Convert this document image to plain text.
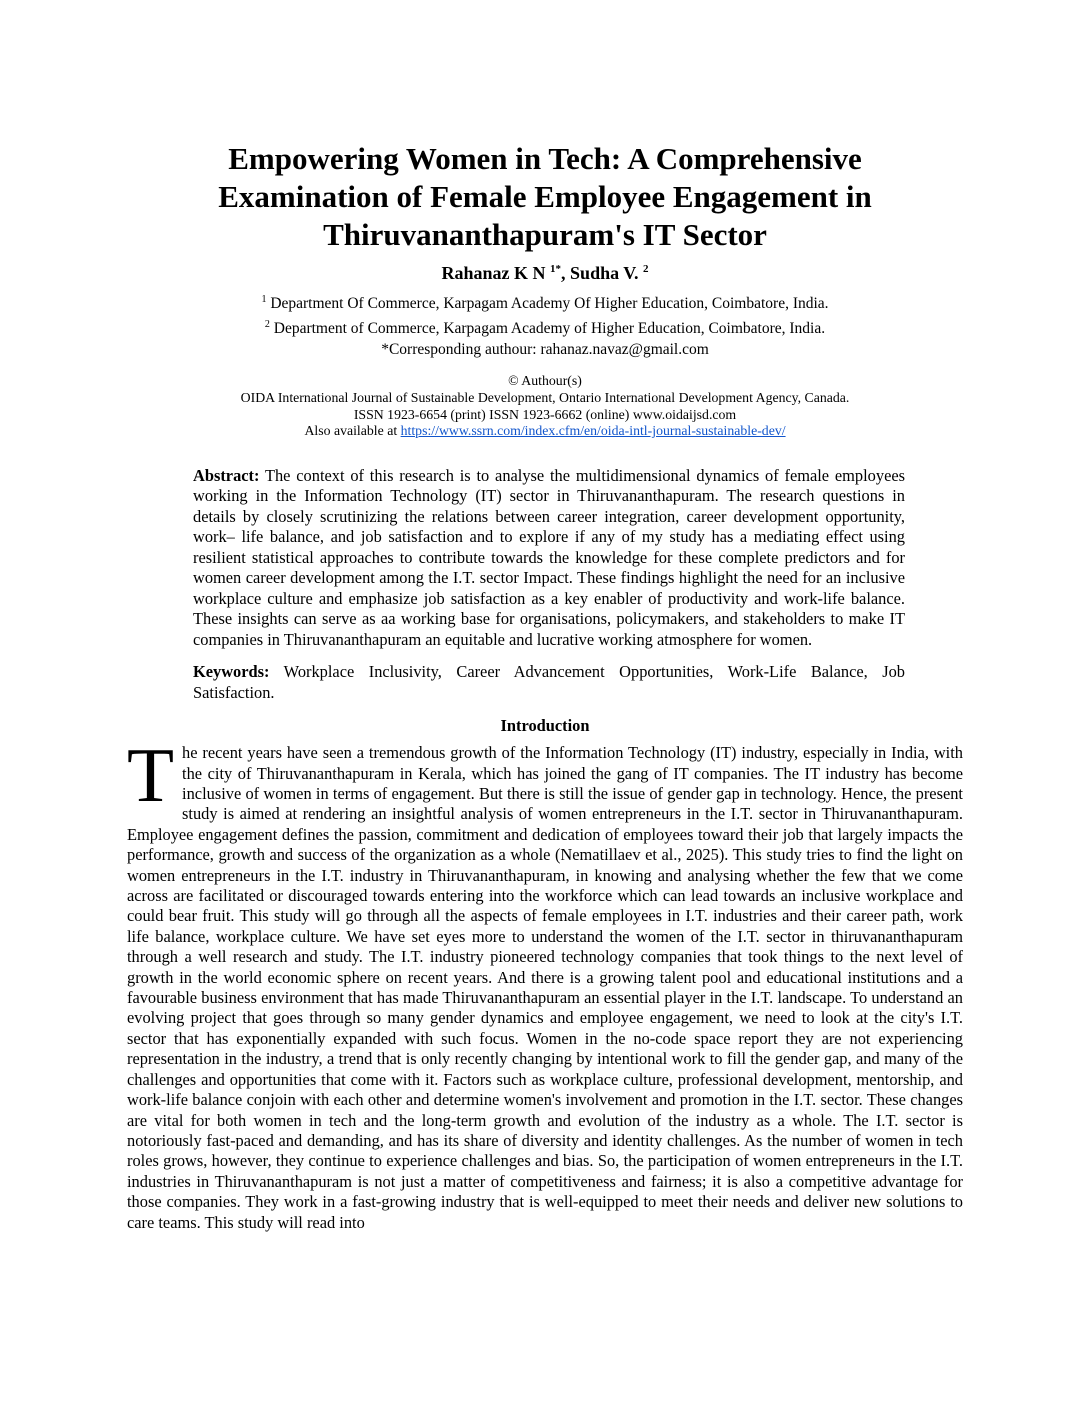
Empowering Women in Tech: A Comprehensive Examination of Female Employee Engagement in Thiruvananthapuram's IT Sector
Rahanaz K N $^{1*}$, Sudha V. $^2$
$^1$ Department Of Commerce, Karpagam Academy Of Higher Education, Coimbatore, India.
$^2$ Department of Commerce, Karpagam Academy of Higher Education, Coimbatore, India.
*Corresponding authour: rahanaz.navaz@gmail.com
© Authour(s)
OIDA International Journal of Sustainable Development, Ontario International Development Agency, Canada.
ISSN 1923-6654 (print) ISSN 1923-6662 (online) www.oidaijsd.com
Also available at https://www.ssrn.com/index.cfm/en/oida-intl-journal-sustainable-dev/

Abstract: The context of this research is to analyse the multidimensional dynamics of female employees working in the Information Technology (IT) sector in Thiruvananthapuram. The research questions in details by closely scrutinizing the relations between career integration, career development opportunity, work– life balance, and job satisfaction and to explore if any of my study has a mediating effect using resilient statistical approaches to contribute towards the knowledge for these complete predictors and for women career development among the I.T. sector Impact. These findings highlight the need for an inclusive workplace culture and emphasize job satisfaction as a key enabler of productivity and work-life balance. These insights can serve as aa working base for organisations, policymakers, and stakeholders to make IT companies in Thiruvananthapuram an equitable and lucrative working atmosphere for women.

Keywords: Workplace Inclusivity, Career Advancement Opportunities, Work-Life Balance, Job Satisfaction.

Introduction

The recent years have seen a tremendous growth of the Information Technology (IT) industry, especially in India, with the city of Thiruvananthapuram in Kerala, which has joined the gang of IT companies. The IT industry has become inclusive of women in terms of engagement. But there is still the issue of gender gap in technology. Hence, the present study is aimed at rendering an insightful analysis of women entrepreneurs in the I.T. sector in Thiruvananthapuram. Employee engagement defines the passion, commitment and dedication of employees toward their job that largely impacts the performance, growth and success of the organization as a whole (Nematillaev et al., 2025). This study tries to find the light on women entrepreneurs in the I.T. industry in Thiruvananthapuram, in knowing and analysing whether the few that we come across are facilitated or discouraged towards entering into the workforce which can lead towards an inclusive workplace and could bear fruit. This study will go through all the aspects of female employees in I.T. industries and their career path, work life balance, workplace culture. We have set eyes more to understand the women of the I.T. sector in thiruvananthapuram through a well research and study. The I.T. industry pioneered technology companies that took things to the next level of growth in the world economic sphere on recent years. And there is a growing talent pool and educational institutions and a favourable business environment that has made Thiruvananthapuram an essential player in the I.T. landscape. To understand an evolving project that goes through so many gender dynamics and employee engagement, we need to look at the city's I.T. sector that has exponentially expanded with such focus. Women in the no-code space report they are not experiencing representation in the industry, a trend that is only recently changing by intentional work to fill the gender gap, and many of the challenges and opportunities that come with it. Factors such as workplace culture, professional development, mentorship, and work-life balance conjoin with each other and determine women's involvement and promotion in the I.T. sector. These changes are vital for both women in tech and the long-term growth and evolution of the industry as a whole. The I.T. sector is notoriously fast-paced and demanding, and has its share of diversity and identity challenges. As the number of women in tech roles grows, however, they continue to experience challenges and bias. So, the participation of women entrepreneurs in the I.T. industries in Thiruvananthapuram is not just a matter of competitiveness and fairness; it is also a competitive advantage for those companies. They work in a fast-growing industry that is well-equipped to meet their needs and deliver new solutions to care teams. This study will read into
